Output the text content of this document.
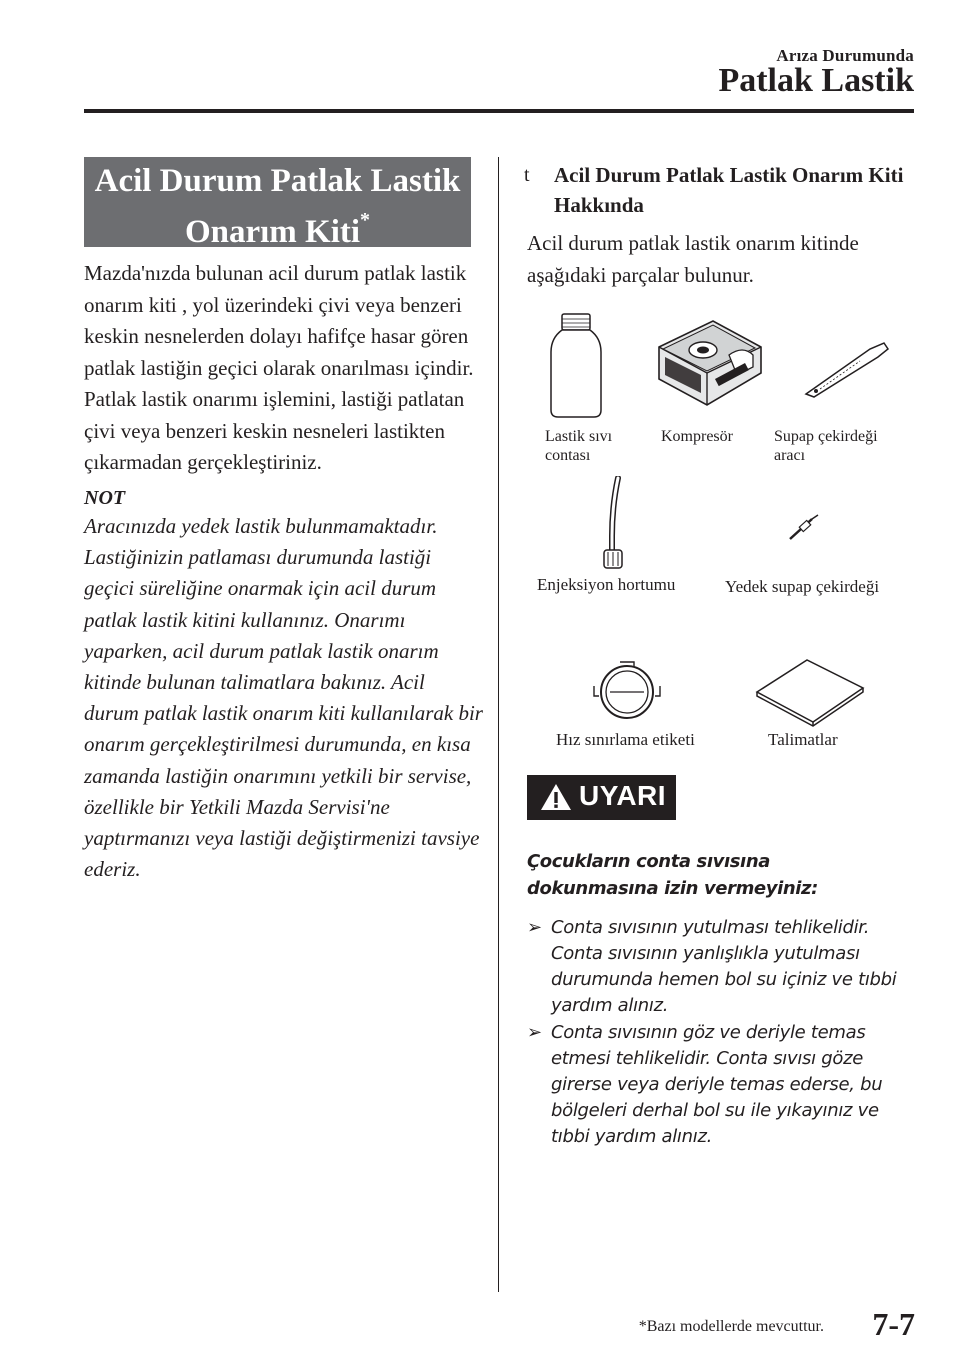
Arıza Durumunda
Patlak Lastik
Acil Durum Patlak Lastik
Onarım Kiti*
Mazda'nızda bulunan acil durum patlak lastik onarım kiti , yol üzerindeki çivi veya benzeri keskin nesnelerden dolayı hafifçe hasar gören patlak lastiğin geçici olarak onarılması içindir.
Patlak lastik onarımı işlemini, lastiği patlatan çivi veya benzeri keskin nesneleri lastikten çıkarmadan gerçekleştiriniz.
NOT
Aracınızda yedek lastik bulunmamaktadır. Lastiğinizin patlaması durumunda lastiği geçici süreliğine onarmak için acil durum patlak lastik kitini kullanınız. Onarımı yaparken, acil durum patlak lastik onarım kitinde bulunan talimatlara bakınız. Acil durum patlak lastik onarım kiti kullanılarak bir onarım gerçekleştirilmesi durumunda, en kısa zamanda lastiğin onarımını yetkili bir servise, özellikle bir Yetkili Mazda Servisi'ne yaptırmanızı veya lastiği değiştirmenizi tavsiye ederiz.
t Acil Durum Patlak Lastik Onarım Kiti Hakkında
Acil durum patlak lastik onarım kitinde aşağıdaki parçalar bulunur.
Lastik sıvı contası
Kompresör	Supap çekirdeği aracı
Enjeksiyon hortumu	Yedek supap çekirdeği
Hız sınırlama etiketi	Talimatlar
UYARI
Çocukların conta sıvısına dokunmasına izin vermeyiniz:
➢ Conta sıvısının yutulması tehlikelidir. Conta sıvısının yanlışlıkla yutulması durumunda hemen bol su içiniz ve tıbbi yardım alınız.
➢ Conta sıvısının göz ve deriyle temas etmesi tehlikelidir. Conta sıvısı göze girerse veya deriyle temas ederse, bu bölgeleri derhal bol su ile yıkayınız ve tıbbi yardım alınız.
*Bazı modellerde mevcuttur. 7-7
